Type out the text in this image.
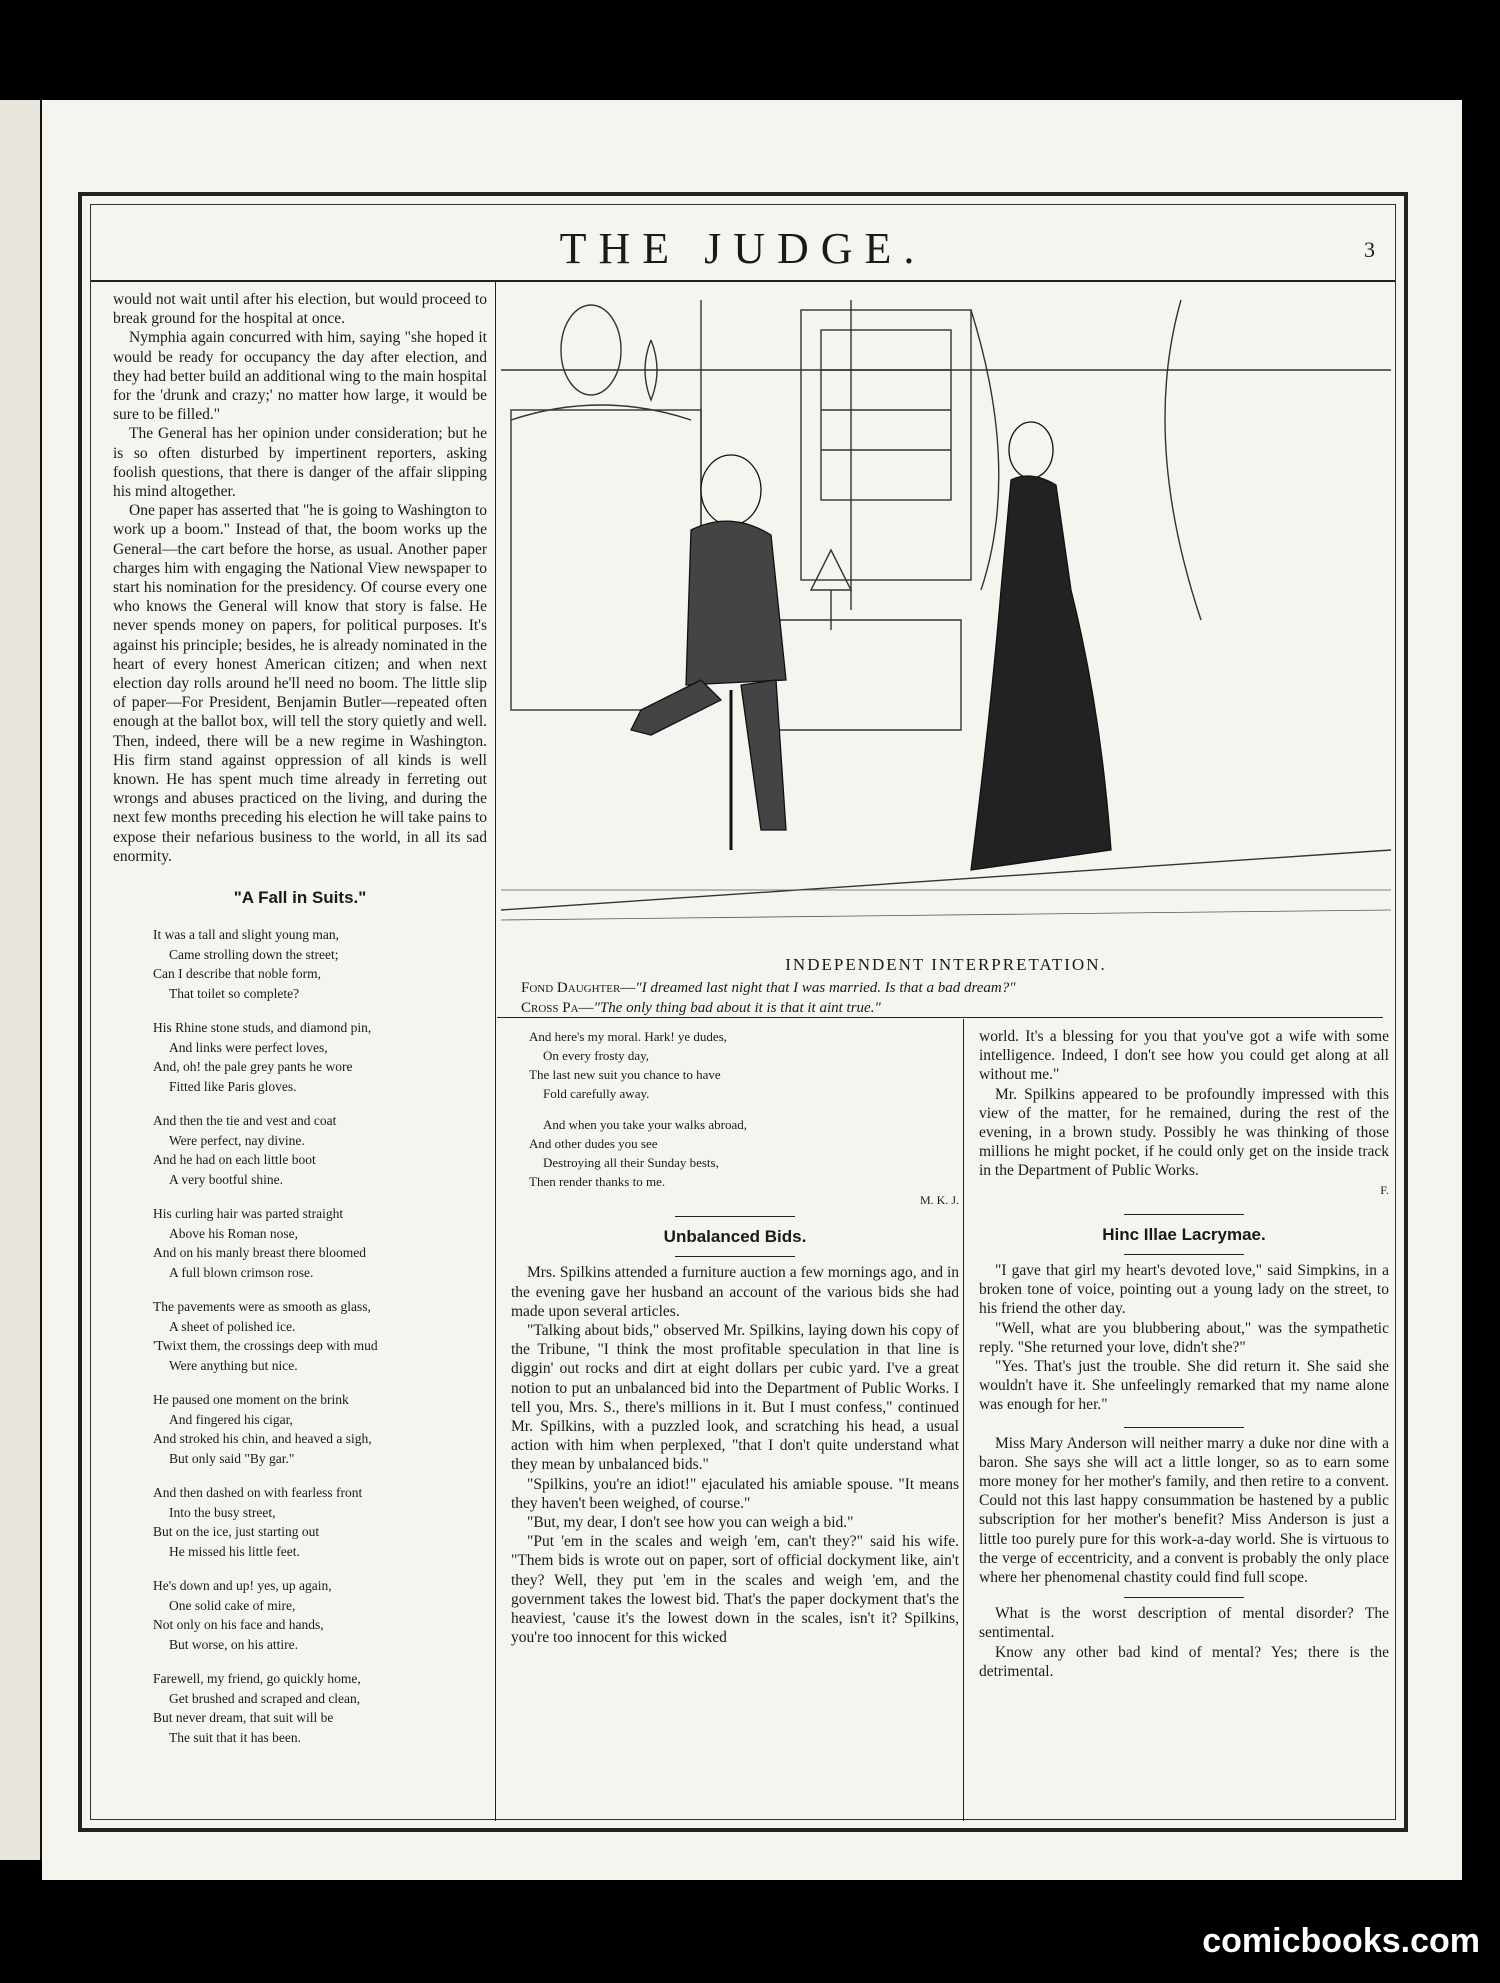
THE JUDGE.	3

would not wait until after his election, but would proceed to break ground for the hospital at once.

Nymphia again concurred with him, saying "she hoped it would be ready for occupancy the day after election, and they had better build an additional wing to the main hospital for the 'drunk and crazy;' no matter how large, it would be sure to be filled."

The General has her opinion under consideration; but he is so often disturbed by impertinent reporters, asking foolish questions, that there is danger of the affair slipping his mind altogether.

One paper has asserted that "he is going to Washington to work up a boom." Instead of that, the boom works up the General—the cart before the horse, as usual. Another paper charges him with engaging the National View newspaper to start his nomination for the presidency. Of course every one who knows the General will know that story is false. He never spends money on papers, for political purposes. It's against his principle; besides, he is already nominated in the heart of every honest American citizen; and when next election day rolls around he'll need no boom. The little slip of paper—For President, Benjamin Butler—repeated often enough at the ballot box, will tell the story quietly and well. Then, indeed, there will be a new regime in Washington. His firm stand against oppression of all kinds is well known. He has spent much time already in ferreting out wrongs and abuses practiced on the living, and during the next few months preceding his election he will take pains to expose their nefarious business to the world, in all its sad enormity.

"A Fall in Suits."
It was a tall and slight young man,
Came strolling down the street;
Can I describe that noble form,
That toilet so complete?
His Rhine stone studs, and diamond pin,
And links were perfect loves,
And, oh! the pale grey pants he wore
Fitted like Paris gloves.
And then the tie and vest and coat
Were perfect, nay divine.
And he had on each little boot
A very bootful shine.
His curling hair was parted straight
Above his Roman nose,
And on his manly breast there bloomed
A full blown crimson rose.
The pavements were as smooth as glass,
A sheet of polished ice.
'Twixt them, the crossings deep with mud
Were anything but nice.
He paused one moment on the brink
And fingered his cigar,
And stroked his chin, and heaved a sigh,
But only said "By gar."
And then dashed on with fearless front
Into the busy street,
But on the ice, just starting out
He missed his little feet.
He's down and up! yes, up again,
One solid cake of mire,
Not only on his face and hands,
But worse, on his attire.
Farewell, my friend, go quickly home,
Get brushed and scraped and clean,
But never dream, that suit will be
The suit that it has been.
INDEPENDENT INTERPRETATION.
Fond Daughter—"I dreamed last night that I was married. Is that a bad dream?"
Cross Pa—"The only thing bad about it is that it aint true."
And here's my moral. Hark! ye dudes,
On every frosty day,
The last new suit you chance to have
Fold carefully away.
And when you take your walks abroad,
And other dudes you see
Destroying all their Sunday bests,
Then render thanks to me.
M. K. J.
Unbalanced Bids.

Mrs. Spilkins attended a furniture auction a few mornings ago, and in the evening gave her husband an account of the various bids she had made upon several articles.

"Talking about bids," observed Mr. Spilkins, laying down his copy of the Tribune, "I think the most profitable speculation in that line is diggin' out rocks and dirt at eight dollars per cubic yard. I've a great notion to put an unbalanced bid into the Department of Public Works. I tell you, Mrs. S., there's millions in it. But I must confess," continued Mr. Spilkins, with a puzzled look, and scratching his head, a usual action with him when perplexed, "that I don't quite understand what they mean by unbalanced bids."

"Spilkins, you're an idiot!" ejaculated his amiable spouse. "It means they haven't been weighed, of course."

"But, my dear, I don't see how you can weigh a bid."

"Put 'em in the scales and weigh 'em, can't they?" said his wife. "Them bids is wrote out on paper, sort of official dockyment like, ain't they? Well, they put 'em in the scales and weigh 'em, and the government takes the lowest bid. That's the paper dockyment that's the heaviest, 'cause it's the lowest down in the scales, isn't it? Spilkins, you're too innocent for this wicked

world. It's a blessing for you that you've got a wife with some intelligence. Indeed, I don't see how you could get along at all without me."

Mr. Spilkins appeared to be profoundly impressed with this view of the matter, for he remained, during the rest of the evening, in a brown study. Possibly he was thinking of those millions he might pocket, if he could only get on the inside track in the Department of Public Works.

F.
Hinc Illae Lacrymae.

"I gave that girl my heart's devoted love," said Simpkins, in a broken tone of voice, pointing out a young lady on the street, to his friend the other day.

"Well, what are you blubbering about," was the sympathetic reply. "She returned your love, didn't she?"

"Yes. That's just the trouble. She did return it. She said she wouldn't have it. She unfeelingly remarked that my name alone was enough for her."

Miss Mary Anderson will neither marry a duke nor dine with a baron. She says she will act a little longer, so as to earn some more money for her mother's family, and then retire to a convent. Could not this last happy consummation be hastened by a public subscription for her mother's benefit? Miss Anderson is just a little too purely pure for this work-a-day world. She is virtuous to the verge of eccentricity, and a convent is probably the only place where her phenomenal chastity could find full scope.

What is the worst description of mental disorder? The sentimental.

Know any other bad kind of mental? Yes; there is the detrimental.

comicbooks.com
